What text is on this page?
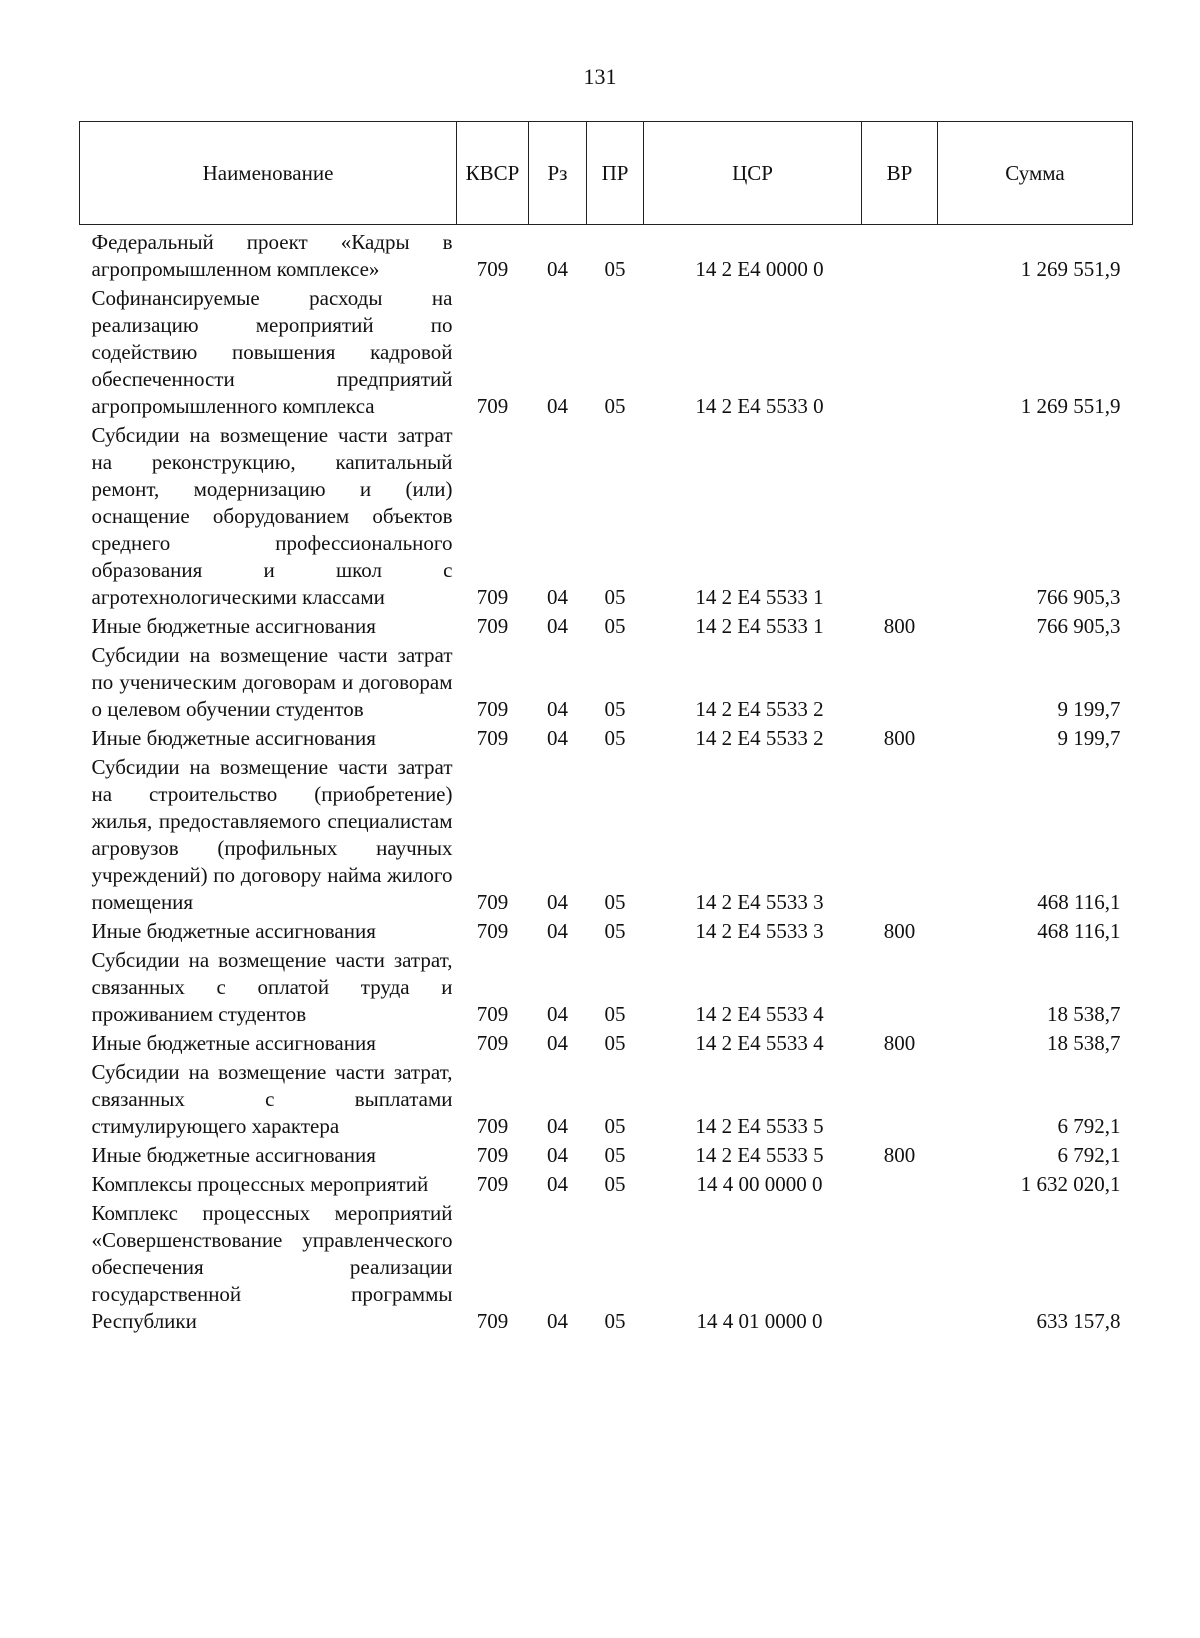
131
Наименование	КВСР	Рз	ПР	ЦСР	ВР	Сумма
Федеральный проект «Кадры в агропромышленном комплексе»	709	04	05	14 2 Е4 0000 0		1 269 551,9
Софинансируемые расходы на реализацию мероприятий по содействию повышения кадровой обеспеченности предприятий агропромышленного комплекса	709	04	05	14 2 Е4 5533 0		1 269 551,9
Субсидии на возмещение части затрат на реконструкцию, капитальный ремонт, модернизацию и (или) оснащение оборудованием объектов среднего профессионального образования и школ с агротехнологическими классами	709	04	05	14 2 Е4 5533 1		766 905,3
Иные бюджетные ассигнования	709	04	05	14 2 Е4 5533 1	800	766 905,3
Субсидии на возмещение части затрат по ученическим договорам и договорам о целевом обучении студентов	709	04	05	14 2 Е4 5533 2		9 199,7
Иные бюджетные ассигнования	709	04	05	14 2 Е4 5533 2	800	9 199,7
Субсидии на возмещение части затрат на строительство (приобретение) жилья, предоставляемого специалистам агровузов (профильных научных учреждений) по договору найма жилого помещения	709	04	05	14 2 Е4 5533 3		468 116,1
Иные бюджетные ассигнования	709	04	05	14 2 Е4 5533 3	800	468 116,1
Субсидии на возмещение части затрат, связанных с оплатой труда и проживанием студентов	709	04	05	14 2 Е4 5533 4		18 538,7
Иные бюджетные ассигнования	709	04	05	14 2 Е4 5533 4	800	18 538,7
Субсидии на возмещение части затрат, связанных с выплатами стимулирующего характера	709	04	05	14 2 Е4 5533 5		6 792,1
Иные бюджетные ассигнования	709	04	05	14 2 Е4 5533 5	800	6 792,1
Комплексы процессных мероприятий	709	04	05	14 4 00 0000 0		1 632 020,1
Комплекс процессных мероприятий «Совершенствование управленческого обеспечения реализации государственной программы Республики	709	04	05	14 4 01 0000 0		633 157,8
